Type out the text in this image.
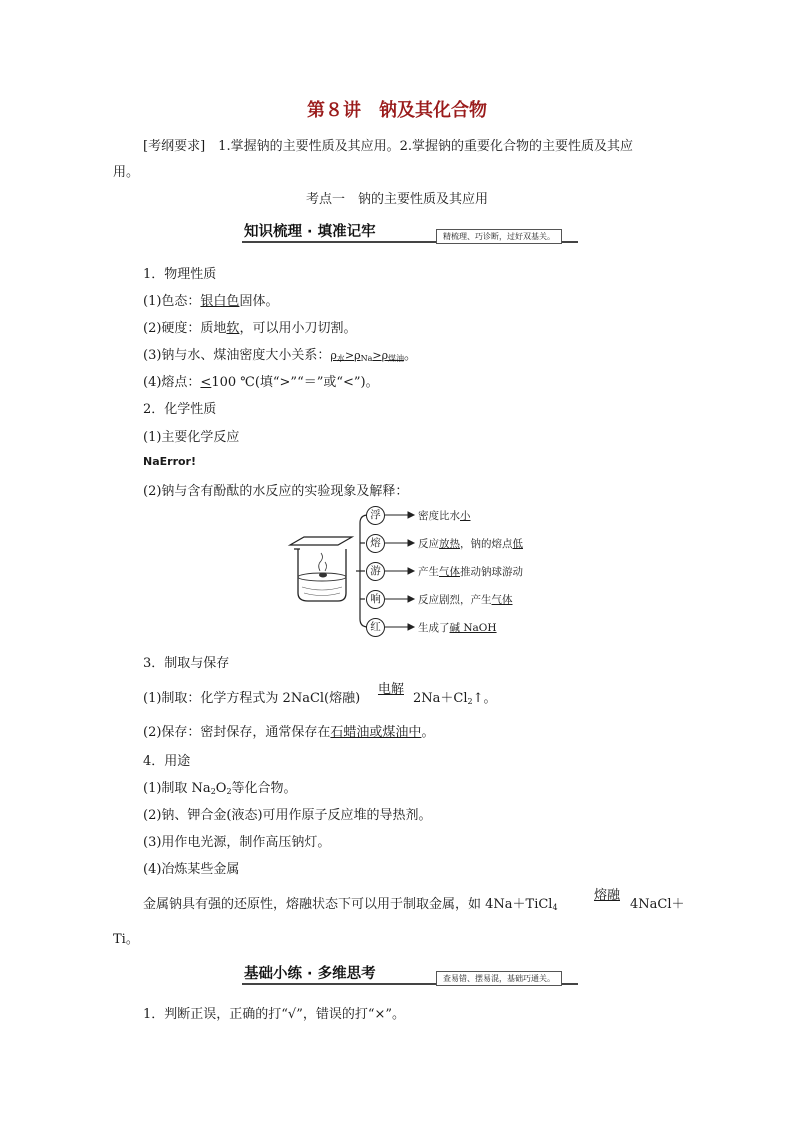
第８讲　钠及其化合物
[考纲要求]　 1.掌握钠的主要性质及其应用。2.掌握钠的重要化合物的主要性质及其应
用。
考点一　钠的主要性质及其应用
知识梳理 · 填准记牢	精梳理、巧诊断，过好双基关。
1．物理性质
(1)色态：银白色固体。
(2)硬度：质地软，可以用小刀切割。
(3)钠与水、煤油密度大小关系：$\rho_水>\rho_{Na}>\rho_{煤油}$。
(4)熔点：<100 ℃(填“>”“＝”或“<”)。
2．化学性质
(1)主要化学反应
NaError!
(2)钠与含有酚酞的水反应的实验现象及解释：
浮
熔
游
响
红
密度比水小
反应放热，钠的熔点低
产生气体推动钠球游动
反应剧烈，产生气体
生成了碱 NaOH
3．制取与保存
(1)制取：化学方程式为 2NaCl(熔融)
电解
$2Na+Cl_2↑$。
(2)保存：密封保存，通常保存在石蜡油或煤油中。
4．用途
(1)制取 $Na_2O_2$等化合物。
(2)钠、钾合金(液态)可用作原子反应堆的导热剂。
(3)用作电光源，制作高压钠灯。
(4)冶炼某些金属
金属钠具有强的还原性，熔融状态下可以用于制取金属，如 4Na＋TiCl$_4$
熔融
4NaCl＋
Ti。
基础小练 · 多维思考	查易错、摆易混，基础巧通关。
1．判断正误，正确的打“√”，错误的打“×”。
